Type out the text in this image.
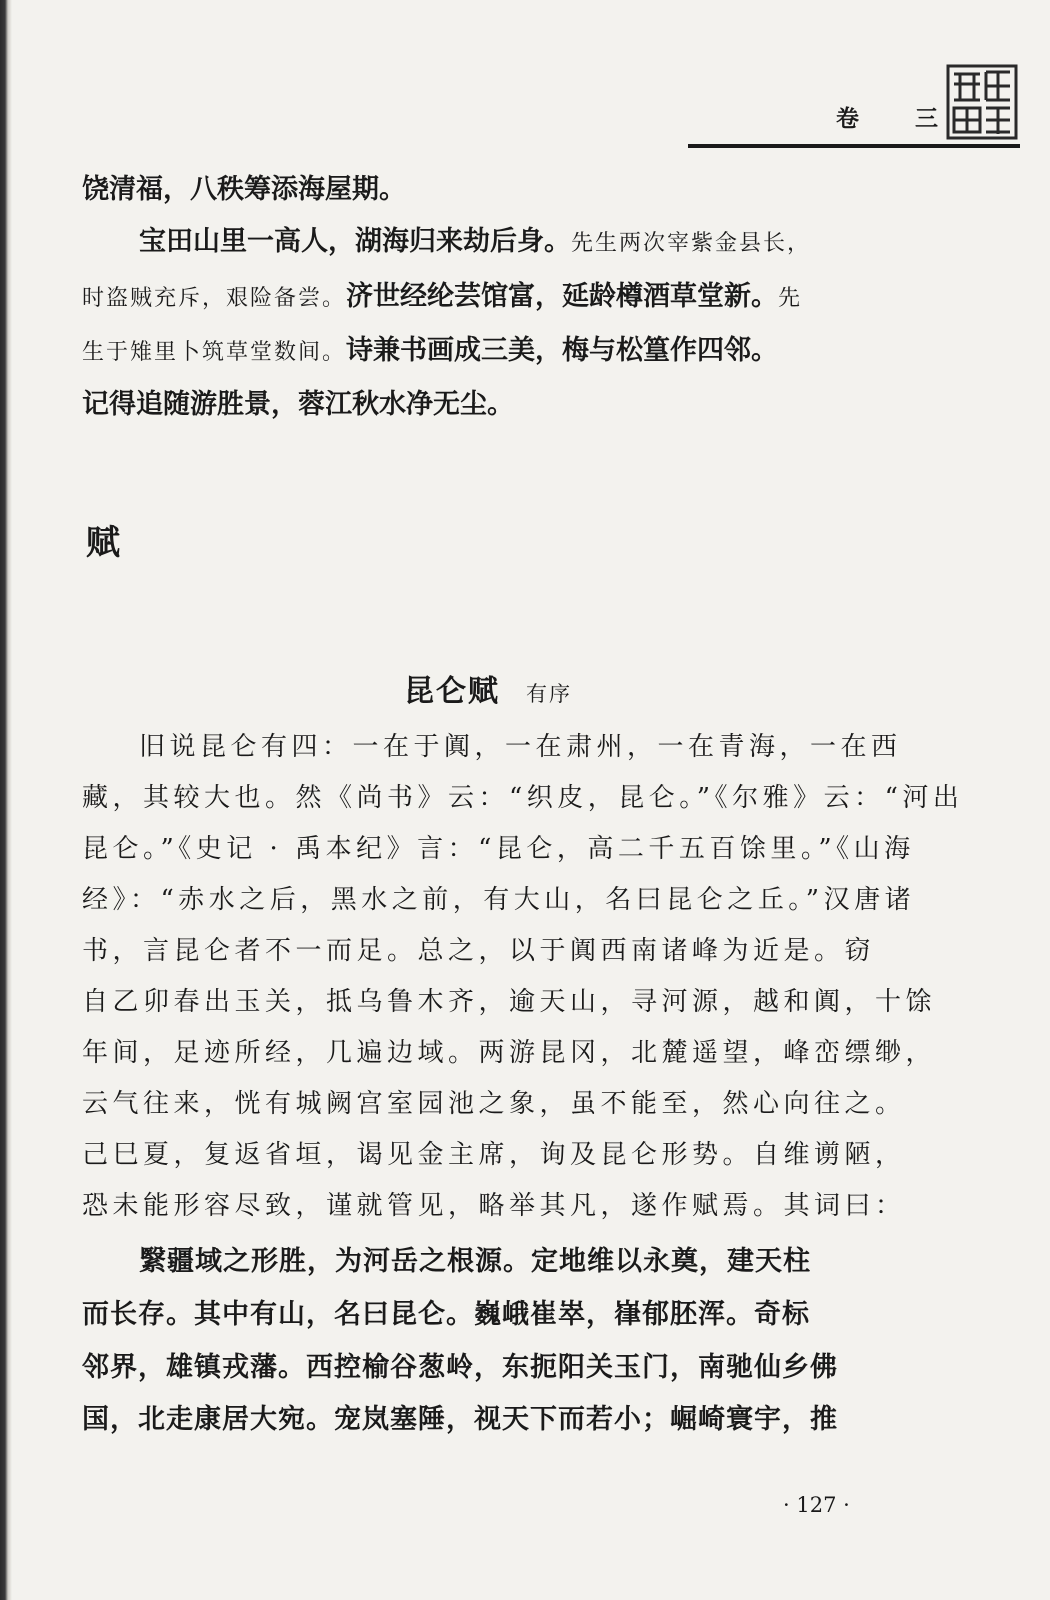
卷 三
饶清福，八秩筹添海屋期。
宝田山里一高人，湖海归来劫后身。先生两次宰紫金县长，
时盗贼充斥，艰险备尝。济世经纶芸馆富，延龄樽酒草堂新。先
生于雉里卜筑草堂数间。诗兼书画成三美，梅与松篁作四邻。
记得追随游胜景，蓉江秋水净无尘。
赋
昆仑赋 有序
旧说昆仑有四：一在于阗，一在肃州，一在青海，一在西
藏，其较大也。然《尚书》云：“织皮，昆仑。”《尔雅》云：“河出
昆仑。”《史记 · 禹本纪》言：“昆仑，高二千五百馀里。”《山海
经》：“赤水之后，黑水之前，有大山，名曰昆仑之丘。”汉唐诸
书，言昆仑者不一而足。总之，以于阗西南诸峰为近是。窃
自乙卯春出玉关，抵乌鲁木齐，逾天山，寻河源，越和阗，十馀
年间，足迹所经，几遍边域。两游昆冈，北麓遥望，峰峦缥缈，
云气往来，恍有城阙宫室园池之象，虽不能至，然心向往之。
己巳夏，复返省垣，谒见金主席，询及昆仑形势。自维谫陋，
恐未能形容尽致，谨就管见，略举其凡，遂作赋焉。其词曰：
繄疆域之形胜，为河岳之根源。定地维以永奠，建天柱
而长存。其中有山，名曰昆仑。巍峨崔崒，嵂郁胚浑。奇标
邻界，雄镇戎藩。西控榆谷葱岭，东扼阳关玉门，南驰仙乡佛
国，北走康居大宛。宠岚塞陲，视天下而若小；崛崎寰宇，推
· 127 ·
